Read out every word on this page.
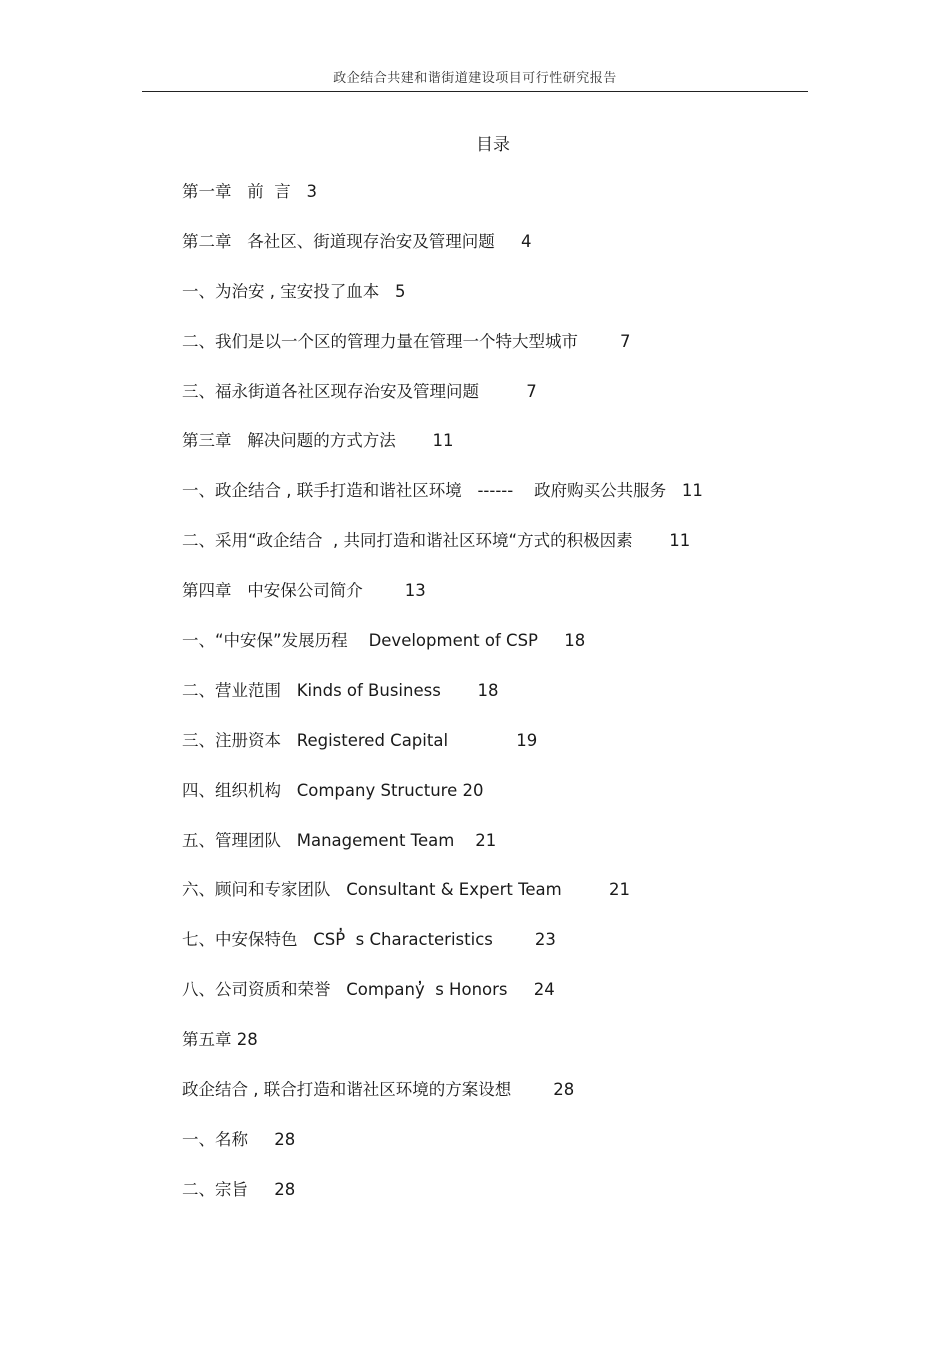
政企结合共建和谐街道建设项目可行性研究报告
目录
第一章   前  言 3
第二章   各社区、街道现存治安及管理问题 4
一、为治安 , 宝安投了血本 5
二、我们是以一个区的管理力量在管理一个特大型城市	7
三、福永街道各社区现存治安及管理问题	7
第三章   解决问题的方式方法 11
一、政企结合 , 联手打造和谐社区环境   ------    政府购买公共服务 11
二、采用“政企结合  , 共同打造和谐社区环境“方式的积极因素 11
第四章   中安保公司简介	13
一、“中安保”发展历程    Development of CSP 18
二、营业范围   Kinds of Business 18
三、注册资本   Registered Capital	19
四、组织机构   Company Structure 20
五、管理团队   Management Team 21
六、顾问和专家团队   Consultant & Expert Team	21
七、中安保特色   CSP̓  s Characteristics	23
八、公司资质和荣誉   Company̓  s Honors 24
第五章 28
政企结合 , 联合打造和谐社区环境的方案设想	28
一、名称 28
二、宗旨 28
